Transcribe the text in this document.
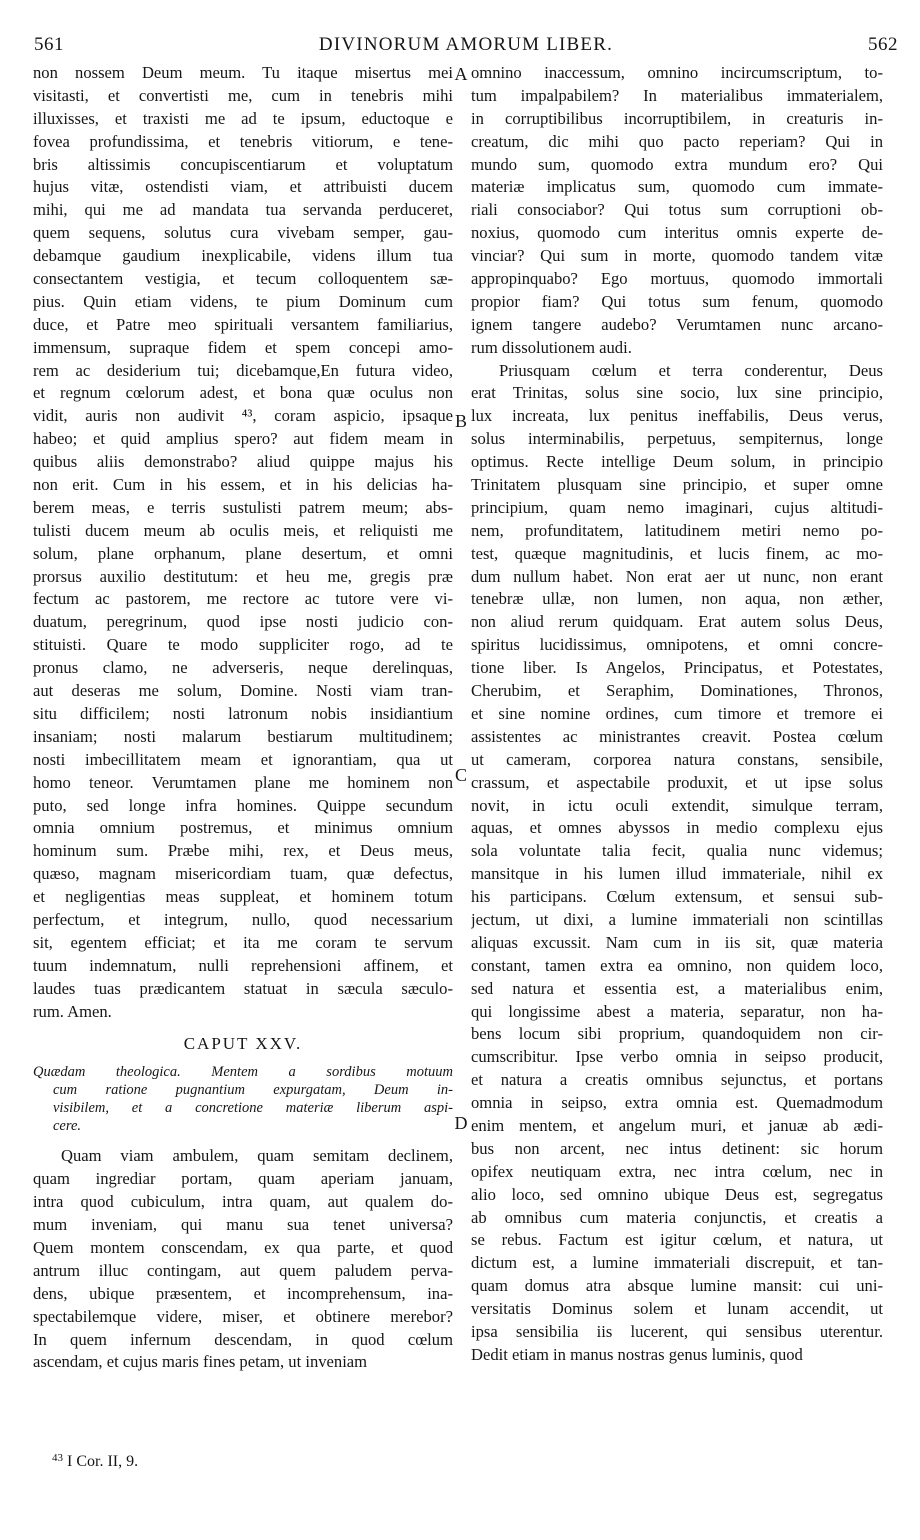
561	DIVINORUM AMORUM LIBER.	562
non nossem Deum meum. Tu itaque misertus mei
visitasti, et convertisti me, cum in tenebris mihi
illuxisses, et traxisti me ad te ipsum, eductoque e
fovea profundissima, et tenebris vitiorum, e tene-
bris altissimis concupiscentiarum et voluptatum
hujus vitæ, ostendisti viam, et attribuisti ducem
mihi, qui me ad mandata tua servanda perduceret,
quem sequens, solutus cura vivebam semper, gau-
debamque gaudium inexplicabile, videns illum tua
consectantem vestigia, et tecum colloquentem sæ-
pius. Quin etiam videns, te pium Dominum cum
duce, et Patre meo spirituali versantem familiarius,
immensum, supraque fidem et spem concepi amo-
rem ac desiderium tui; dicebamque,En futura video,
et regnum cœlorum adest, et bona quæ oculus non
vidit, auris non audivit ⁴³, coram aspicio, ipsaque
habeo; et quid amplius spero? aut fidem meam in
quibus aliis demonstrabo? aliud quippe majus his
non erit. Cum in his essem, et in his delicias ha-
berem meas, e terris sustulisti patrem meum; abs-
tulisti ducem meum ab oculis meis, et reliquisti me
solum, plane orphanum, plane desertum, et omni
prorsus auxilio destitutum: et heu me, gregis præ
fectum ac pastorem, me rectore ac tutore vere vi-
duatum, peregrinum, quod ipse nosti judicio con-
stituisti. Quare te modo suppliciter rogo, ad te
pronus clamo, ne adverseris, neque derelinquas,
aut deseras me solum, Domine. Nosti viam tran-
situ difficilem; nosti latronum nobis insidiantium
insaniam; nosti malarum bestiarum multitudinem;
nosti imbecillitatem meam et ignorantiam, qua ut
homo teneor. Verumtamen plane me hominem non
puto, sed longe infra homines. Quippe secundum
omnia omnium postremus, et minimus omnium
hominum sum. Præbe mihi, rex, et Deus meus,
quæso, magnam misericordiam tuam, quæ defectus,
et negligentias meas suppleat, et hominem totum
perfectum, et integrum, nullo, quod necessarium
sit, egentem efficiat; et ita me coram te servum
tuum indemnatum, nulli reprehensioni affinem, et
laudes tuas prædicantem statuat in sæcula sæculo-
rum. Amen.
CAPUT XXV.
Quædam theologica. Mentem a sordibus motuum
cum ratione pugnantium expurgatam, Deum in-
visibilem, et a concretione materiæ liberum aspi-
cere.
Quam viam ambulem, quam semitam declinem,
quam ingrediar portam, quam aperiam januam,
intra quod cubiculum, intra quam, aut qualem do-
mum inveniam, qui manu sua tenet universa?
Quem montem conscendam, ex qua parte, et quod
antrum illuc contingam, aut quem paludem perva-
dens, ubique præsentem, et incomprehensum, ina-
spectabilemque videre, miser, et obtinere merebor?
In quem infernum descendam, in quod cœlum
ascendam, et cujus maris fines petam, ut inveniam
omnino inaccessum, omnino incircumscriptum, to-
tum impalpabilem? In materialibus immaterialem,
in corruptibilibus incorruptibilem, in creaturis in-
creatum, dic mihi quo pacto reperiam? Qui in
mundo sum, quomodo extra mundum ero? Qui
materiæ implicatus sum, quomodo cum immate-
riali consociabor? Qui totus sum corruptioni ob-
noxius, quomodo cum interitus omnis experte de-
vinciar? Qui sum in morte, quomodo tandem vitæ
appropinquabo? Ego mortuus, quomodo immortali
propior fiam? Qui totus sum fenum, quomodo
ignem tangere audebo? Verumtamen nunc arcano-
rum dissolutionem audi.
Priusquam cœlum et terra conderentur, Deus
erat Trinitas, solus sine socio, lux sine principio,
lux increata, lux penitus ineffabilis, Deus verus,
solus interminabilis, perpetuus, sempiternus, longe
optimus. Recte intellige Deum solum, in principio
Trinitatem plusquam sine principio, et super omne
principium, quam nemo imaginari, cujus altitudi-
nem, profunditatem, latitudinem metiri nemo po-
test, quæque magnitudinis, et lucis finem, ac mo-
dum nullum habet. Non erat aer ut nunc, non erant
tenebræ ullæ, non lumen, non aqua, non æther,
non aliud rerum quidquam. Erat autem solus Deus,
spiritus lucidissimus, omnipotens, et omni concre-
tione liber. Is Angelos, Principatus, et Potestates,
Cherubim, et Seraphim, Dominationes, Thronos,
et sine nomine ordines, cum timore et tremore ei
assistentes ac ministrantes creavit. Postea cœlum
ut cameram, corporea natura constans, sensibile,
crassum, et aspectabile produxit, et ut ipse solus
novit, in ictu oculi extendit, simulque terram,
aquas, et omnes abyssos in medio complexu ejus
sola voluntate talia fecit, qualia nunc videmus;
mansitque in his lumen illud immateriale, nihil ex
his participans. Cœlum extensum, et sensui sub-
jectum, ut dixi, a lumine immateriali non scintillas
aliquas excussit. Nam cum in iis sit, quæ materia
constant, tamen extra ea omnino, non quidem loco,
sed natura et essentia est, a materialibus enim,
qui longissime abest a materia, separatur, non ha-
bens locum sibi proprium, quandoquidem non cir-
cumscribitur. Ipse verbo omnia in seipso producit,
et natura a creatis omnibus sejunctus, et portans
omnia in seipso, extra omnia est. Quemadmodum
enim mentem, et angelum muri, et januæ ab ædi-
bus non arcent, nec intus detinent: sic horum
opifex neutiquam extra, nec intra cœlum, nec in
alio loco, sed omnino ubique Deus est, segregatus
ab omnibus cum materia conjunctis, et creatis a
se rebus. Factum est igitur cœlum, et natura, ut
dictum est, a lumine immateriali discrepuit, et tan-
quam domus atra absque lumine mansit: cui uni-
versitatis Dominus solem et lunam accendit, ut
ipsa sensibilia iis lucerent, qui sensibus uterentur.
Dedit etiam in manus nostras genus luminis, quod
A
B
C
D
$^{43}$ I Cor. II, 9.
